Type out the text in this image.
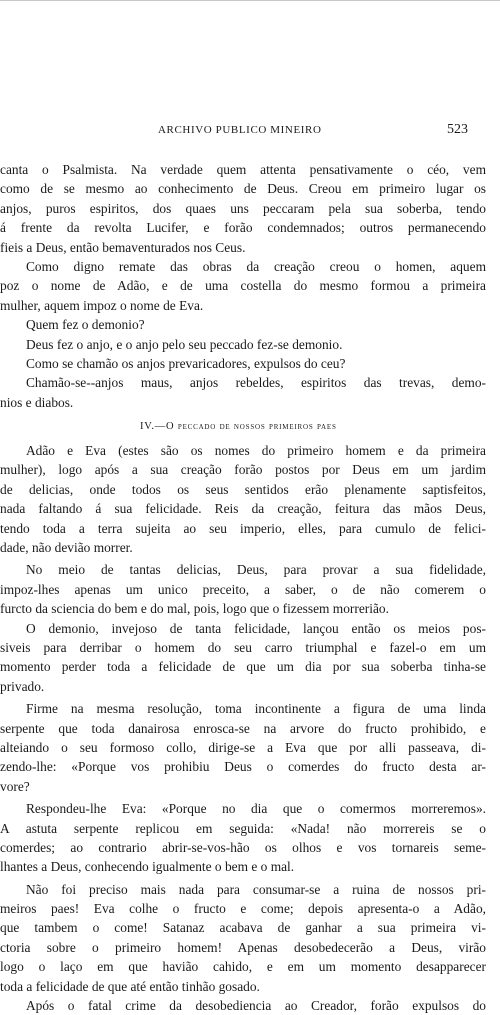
ARCHIVO PUBLICO MINEIRO	523
canta o Psalmista. Na verdade quem attenta pensativamente o céo, vem
como de se mesmo ao conhecimento de Deus. Creou em primeiro lugar os
anjos, puros espiritos, dos quaes uns peccaram pela sua soberba, tendo
á frente da revolta Lucifer, e forão condemnados; outros permanecendo
fieis a Deus, então bemaventurados nos Ceus.
Como digno remate das obras da creação creou o homen, aquem
poz o nome de Adão, e de uma costella do mesmo formou a primeira
mulher, aquem impoz o nome de Eva.
Quem fez o demonio?
Deus fez o anjo, e o anjo pelo seu peccado fez-se demonio.
Como se chamão os anjos prevaricadores, expulsos do ceu?
Chamão-se--anjos maus, anjos rebeldes, espiritos das trevas, demo-
nios e diabos.
IV.—O peccado de nossos primeiros paes
Adão e Eva (estes são os nomes do primeiro homem e da primeira
mulher), logo após a sua creação forão postos por Deus em um jardim
de delicias, onde todos os seus sentidos erão plenamente saptisfeitos,
nada faltando á sua felicidade. Reis da creação, feitura das mãos Deus,
tendo toda a terra sujeita ao seu imperio, elles, para cumulo de felici-
dade, não devião morrer.
No meio de tantas delicias, Deus, para provar a sua fidelidade,
impoz-lhes apenas um unico preceito, a saber, o de não comerem o
furcto da sciencia do bem e do mal, pois, logo que o fizessem morrerião.
O demonio, invejoso de tanta felicidade, lançou então os meios pos-
siveis para derribar o homem do seu carro triumphal e fazel-o em um
momento perder toda a felicidade de que um dia por sua soberba tinha-se
privado.
Firme na mesma resolução, toma incontinente a figura de uma linda
serpente que toda danairosa enrosca-se na arvore do fructo prohibido, e
alteiando o seu formoso collo, dirige-se a Eva que por alli passeava, di-
zendo-lhe: «Porque vos prohibiu Deus o comerdes do fructo desta ar-
vore?
Respondeu-lhe Eva: «Porque no dia que o comermos morreremos».
A astuta serpente replicou em seguida: «Nada! não morrereis se o
comerdes; ao contrario abrir-se-vos-hão os olhos e vos tornareis seme-
lhantes a Deus, conhecendo igualmente o bem e o mal.
Não foi preciso mais nada para consumar-se a ruina de nossos pri-
meiros paes! Eva colhe o fructo e come; depois apresenta-o a Adão,
que tambem o come! Satanaz acabava de ganhar a sua primeira vi-
ctoria sobre o primeiro homem! Apenas desobedecerão a Deus, virão
logo o laço em que havião cahido, e em um momento desapparecer
toda a felicidade de que até então tinhão gosado.
Após o fatal crime da desobediencia ao Creador, forão expulsos do
